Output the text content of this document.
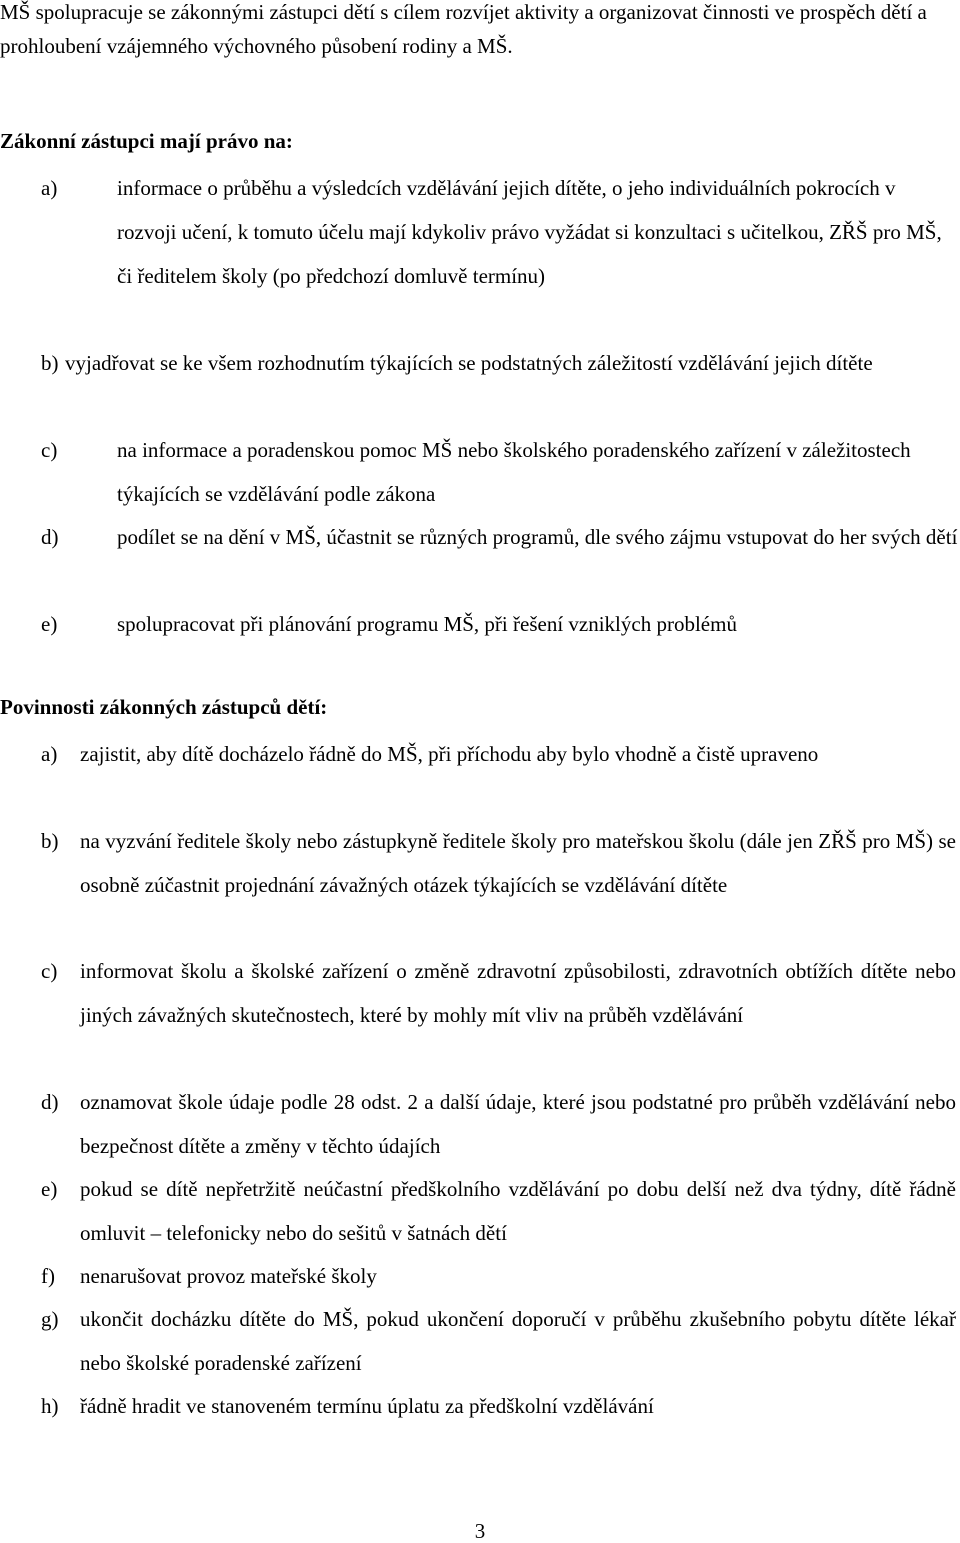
MŠ spolupracuje se zákonnými zástupci dětí s cílem rozvíjet aktivity a organizovat činnosti ve prospěch dětí a prohloubení vzájemného výchovného působení rodiny a MŠ.
Zákonní zástupci mají právo na:
a)	informace o průběhu a výsledcích vzdělávání jejich dítěte, o jeho individuálních pokrocích v rozvoji učení, k tomuto účelu mají kdykoliv právo vyžádat si konzultaci s učitelkou, ZŘŠ pro MŠ, či ředitelem školy (po předchozí domluvě termínu)
b) vyjadřovat se ke všem rozhodnutím týkajících se podstatných záležitostí vzdělávání jejich dítěte
c)	na informace a poradenskou pomoc MŠ nebo školského poradenského zařízení v záležitostech týkajících se vzdělávání podle zákona
d)	podílet se na dění v MŠ, účastnit se různých programů, dle svého zájmu vstupovat do her svých dětí
e)	spolupracovat při plánování programu MŠ, při řešení vzniklých problémů
Povinnosti zákonných zástupců dětí:
a)	zajistit, aby dítě docházelo řádně do MŠ, při příchodu aby bylo vhodně a čistě upraveno
b)	na vyzvání ředitele školy nebo zástupkyně ředitele školy pro mateřskou školu (dále jen ZŘŠ pro MŠ) se osobně zúčastnit projednání závažných otázek týkajících se vzdělávání dítěte
c)	informovat školu a školské zařízení o změně zdravotní způsobilosti, zdravotních obtížích dítěte nebo jiných závažných skutečnostech, které by mohly mít vliv na průběh vzdělávání
d)	oznamovat škole údaje podle 28 odst. 2 a další údaje, které jsou podstatné pro průběh vzdělávání nebo bezpečnost dítěte a změny v těchto údajích
e)	pokud se dítě nepřetržitě neúčastní předškolního vzdělávání po dobu delší než dva týdny, dítě řádně omluvit – telefonicky nebo do sešitů v šatnách dětí
f)	nenarušovat provoz mateřské školy
g)	ukončit docházku dítěte do MŠ, pokud ukončení doporučí v průběhu zkušebního pobytu dítěte lékař nebo školské poradenské zařízení
h)	řádně hradit ve stanoveném termínu úplatu za předškolní vzdělávání
3
